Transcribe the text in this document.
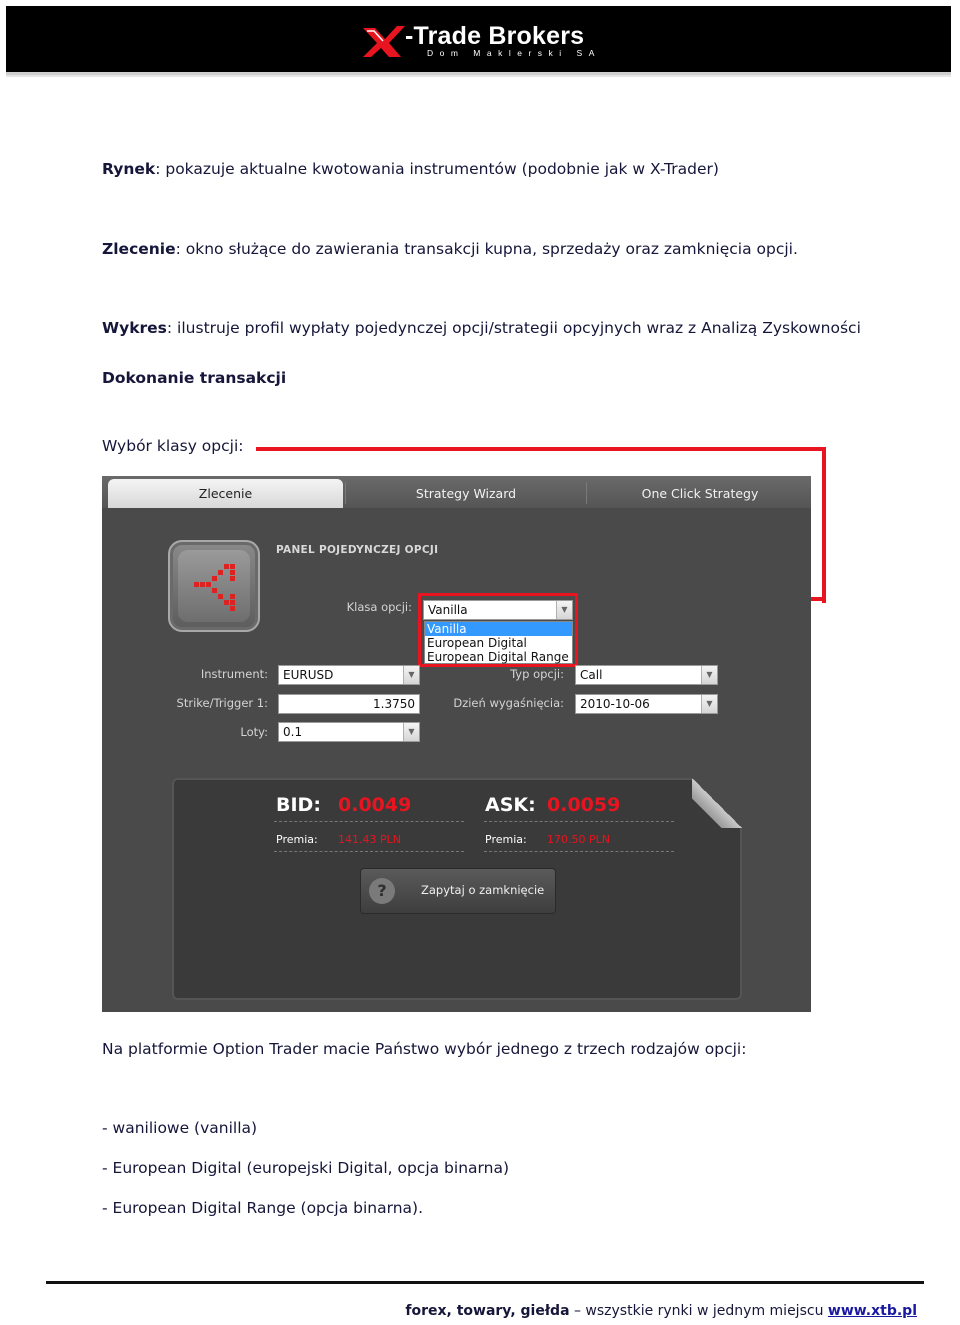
-Trade Brokers
Dom Maklerski SA
Rynek: pokazuje aktualne kwotowania instrumentów (podobnie jak w X-Trader)
Zlecenie: okno służące do zawierania transakcji kupna, sprzedaży oraz zamknięcia opcji.
Wykres: ilustruje profil wypłaty pojedynczej opcji/strategii opcyjnych wraz z Analizą Zyskowności
Dokonanie transakcji
Wybór klasy opcji:
Zlecenie	Strategy Wizard	One Click Strategy
PANEL POJEDYNCZEJ OPCJI
Klasa opcji:	Vanilla	▼
Vanilla
European Digital
European Digital Range
Instrument:	EURUSD	▼
Strike/Trigger 1:	1.3750
Loty:	0.1	▼
Typ opcji:	Call	▼
Dzień wygaśnięcia:	2010-10-06	▼
BID: 0.0049	ASK: 0.0059
Premia: 141.43 PLN	Premia: 170.50 PLN
?	Zapytaj o zamknięcie
Na platformie Option Trader macie Państwo wybór jednego z trzech rodzajów opcji:
- waniliowe (vanilla)
- European Digital (europejski Digital, opcja binarna)
- European Digital Range (opcja binarna).
forex, towary, giełda – wszystkie rynki w jednym miejscu www.xtb.pl
